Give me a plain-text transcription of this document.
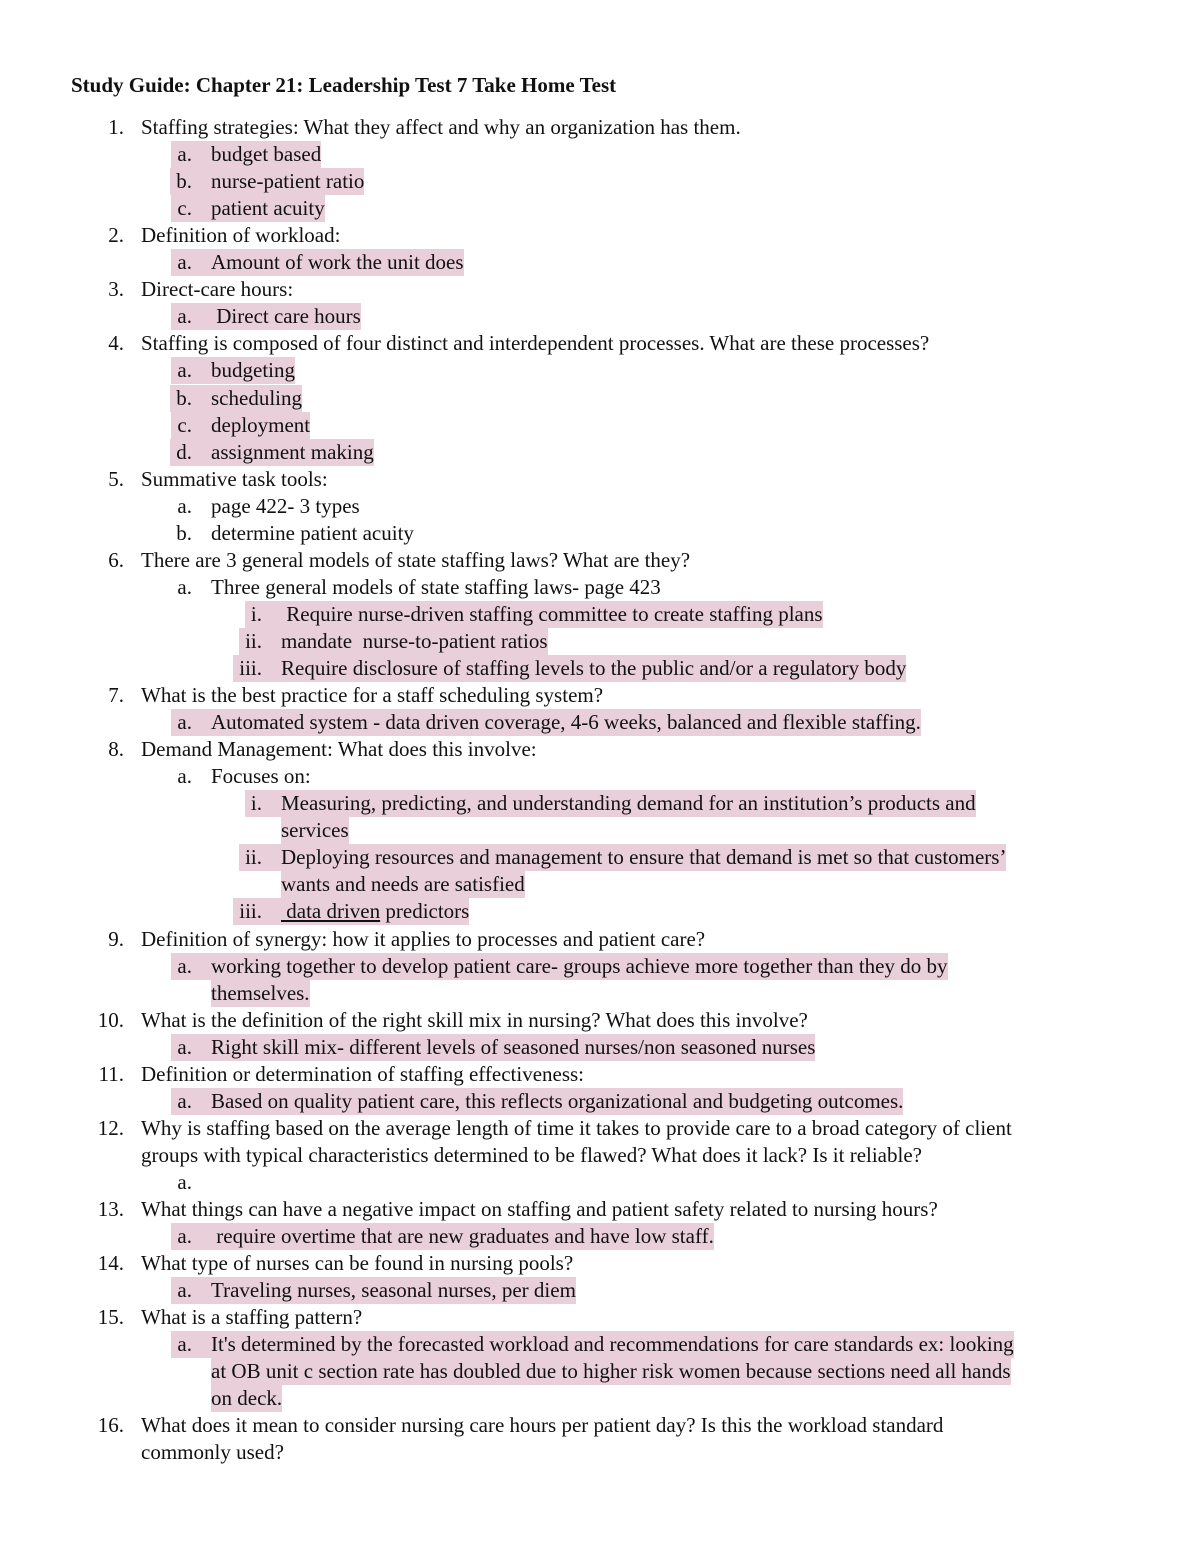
Study Guide: Chapter 21: Leadership Test 7 Take Home Test
1. Staffing strategies: What they affect and why an organization has them.
a. budget based
b. nurse-patient ratio
c. patient acuity
2. Definition of workload:
a. Amount of work the unit does
3. Direct-care hours:
a. Direct care hours
4. Staffing is composed of four distinct and interdependent processes. What are these processes?
a. budgeting
b. scheduling
c. deployment
d. assignment making
5. Summative task tools:
a. page 422- 3 types
b. determine patient acuity
6. There are 3 general models of state staffing laws? What are they?
a. Three general models of state staffing laws- page 423
i. Require nurse-driven staffing committee to create staffing plans
ii. mandate  nurse-to-patient ratios
iii. Require disclosure of staffing levels to the public and/or a regulatory body
7. What is the best practice for a staff scheduling system?
a. Automated system - data driven coverage, 4-6 weeks, balanced and flexible staffing.
8. Demand Management: What does this involve:
a. Focuses on:
i. Measuring, predicting, and understanding demand for an institution’s products and
services
ii. Deploying resources and management to ensure that demand is met so that customers’
wants and needs are satisfied
iii. data driven predictors
9. Definition of synergy: how it applies to processes and patient care?
a. working together to develop patient care- groups achieve more together than they do by
themselves.
10. What is the definition of the right skill mix in nursing? What does this involve?
a. Right skill mix- different levels of seasoned nurses/non seasoned nurses
11. Definition or determination of staffing effectiveness:
a. Based on quality patient care, this reflects organizational and budgeting outcomes.
12. Why is staffing based on the average length of time it takes to provide care to a broad category of client
groups with typical characteristics determined to be flawed? What does it lack? Is it reliable?
a.
13. What things can have a negative impact on staffing and patient safety related to nursing hours?
a. require overtime that are new graduates and have low staff.
14. What type of nurses can be found in nursing pools?
a. Traveling nurses, seasonal nurses, per diem
15. What is a staffing pattern?
a. It's determined by the forecasted workload and recommendations for care standards ex: looking
at OB unit c section rate has doubled due to higher risk women because sections need all hands
on deck.
16. What does it mean to consider nursing care hours per patient day? Is this the workload standard
commonly used?
